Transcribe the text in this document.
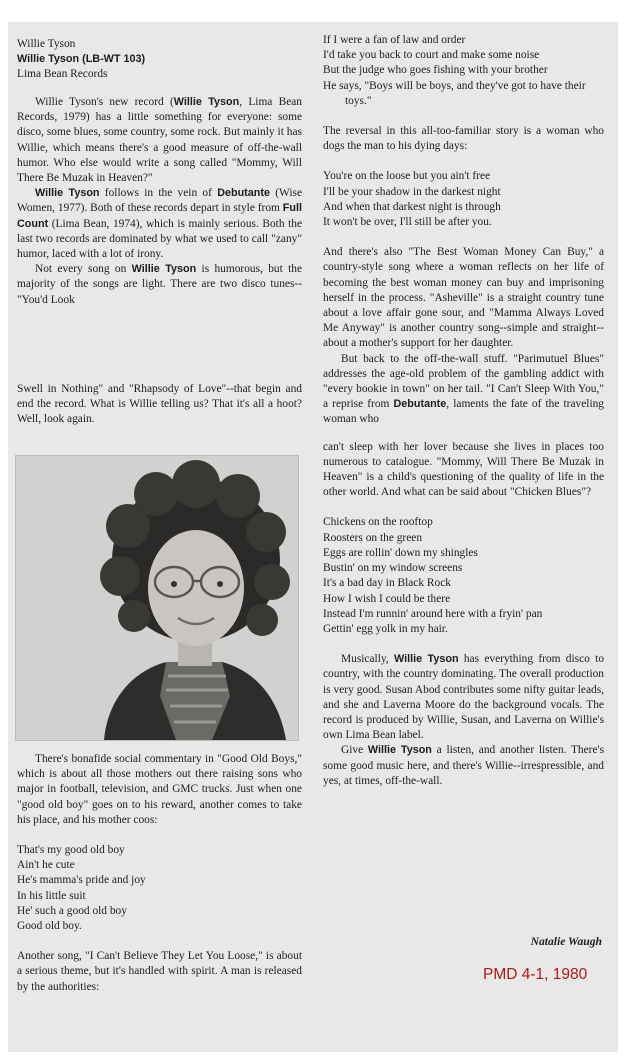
Willie Tyson
Willie Tyson (LB-WT 103)
Lima Bean Records

Willie Tyson's new record (Willie Tyson, Lima Bean Records, 1979) has a little something for everyone: some disco, some blues, some country, some rock. But mainly it has Willie, which means there's a good measure of off-the-wall humor. Who else would write a song called "Mommy, Will There Be Muzak in Heaven?"

Willie Tyson follows in the vein of Debutante (Wise Women, 1977). Both of these records depart in style from Full Count (Lima Bean, 1974), which is mainly serious. Both the last two records are dominated by what we used to call "zany" humor, laced with a lot of irony.

Not every song on Willie Tyson is humorous, but the majority of the songs are light. There are two disco tunes--"You'd Look

Swell in Nothing" and "Rhapsody of Love"--that begin and end the record. What is Willie telling us? That it's all a hoot? Well, look again.

There's bonafide social commentary in "Good Old Boys," which is about all those mothers out there raising sons who major in football, television, and GMC trucks. Just when one "good old boy" goes on to his reward, another comes to take his place, and his mother coos:

That's my good old boy
Ain't he cute
He's mamma's pride and joy
In his little suit
He' such a good old boy
Good old boy.

Another song, "I Can't Believe They Let You Loose," is about a serious theme, but it's handled with spirit. A man is released by the authorities:

If I were a fan of law and order
I'd take you back to court and make some noise
But the judge who goes fishing with your brother
He says, "Boys will be boys, and they've got to have their toys."

The reversal in this all-too-familiar story is a woman who dogs the man to his dying days:

You're on the loose but you ain't free
I'll be your shadow in the darkest night
And when that darkest night is through
It won't be over, I'll still be after you.

And there's also "The Best Woman Money Can Buy," a country-style song where a woman reflects on her life of becoming the best woman money can buy and imprisoning herself in the process. "Asheville" is a straight country tune about a love affair gone sour, and "Mamma Always Loved Me Anyway" is another country song--simple and straight--about a mother's support for her daughter.

But back to the off-the-wall stuff. "Parimutuel Blues" addresses the age-old problem of the gambling addict with "every bookie in town" on her tail. "I Can't Sleep With You," a reprise from Debutante, laments the fate of the traveling woman who

can't sleep with her lover because she lives in places too numerous to catalogue. "Mommy, Will There Be Muzak in Heaven" is a child's questioning of the quality of life in the other world. And what can be said about "Chicken Blues"?

Chickens on the rooftop
Roosters on the green
Eggs are rollin' down my shingles
Bustin' on my window screens
It's a bad day in Black Rock
How I wish I could be there
Instead I'm runnin' around here with a fryin' pan
Gettin' egg yolk in my hair.

Musically, Willie Tyson has everything from disco to country, with the country dominating. The overall production is very good. Susan Abod contributes some nifty guitar leads, and she and Laverna Moore do the background vocals. The record is produced by Willie, Susan, and Laverna on Willie's own Lima Bean label.

Give Willie Tyson a listen, and another listen. There's some good music here, and there's Willie--irrespressible, and yes, at times, off-the-wall.

Natalie Waugh
PMD 4-1, 1980
